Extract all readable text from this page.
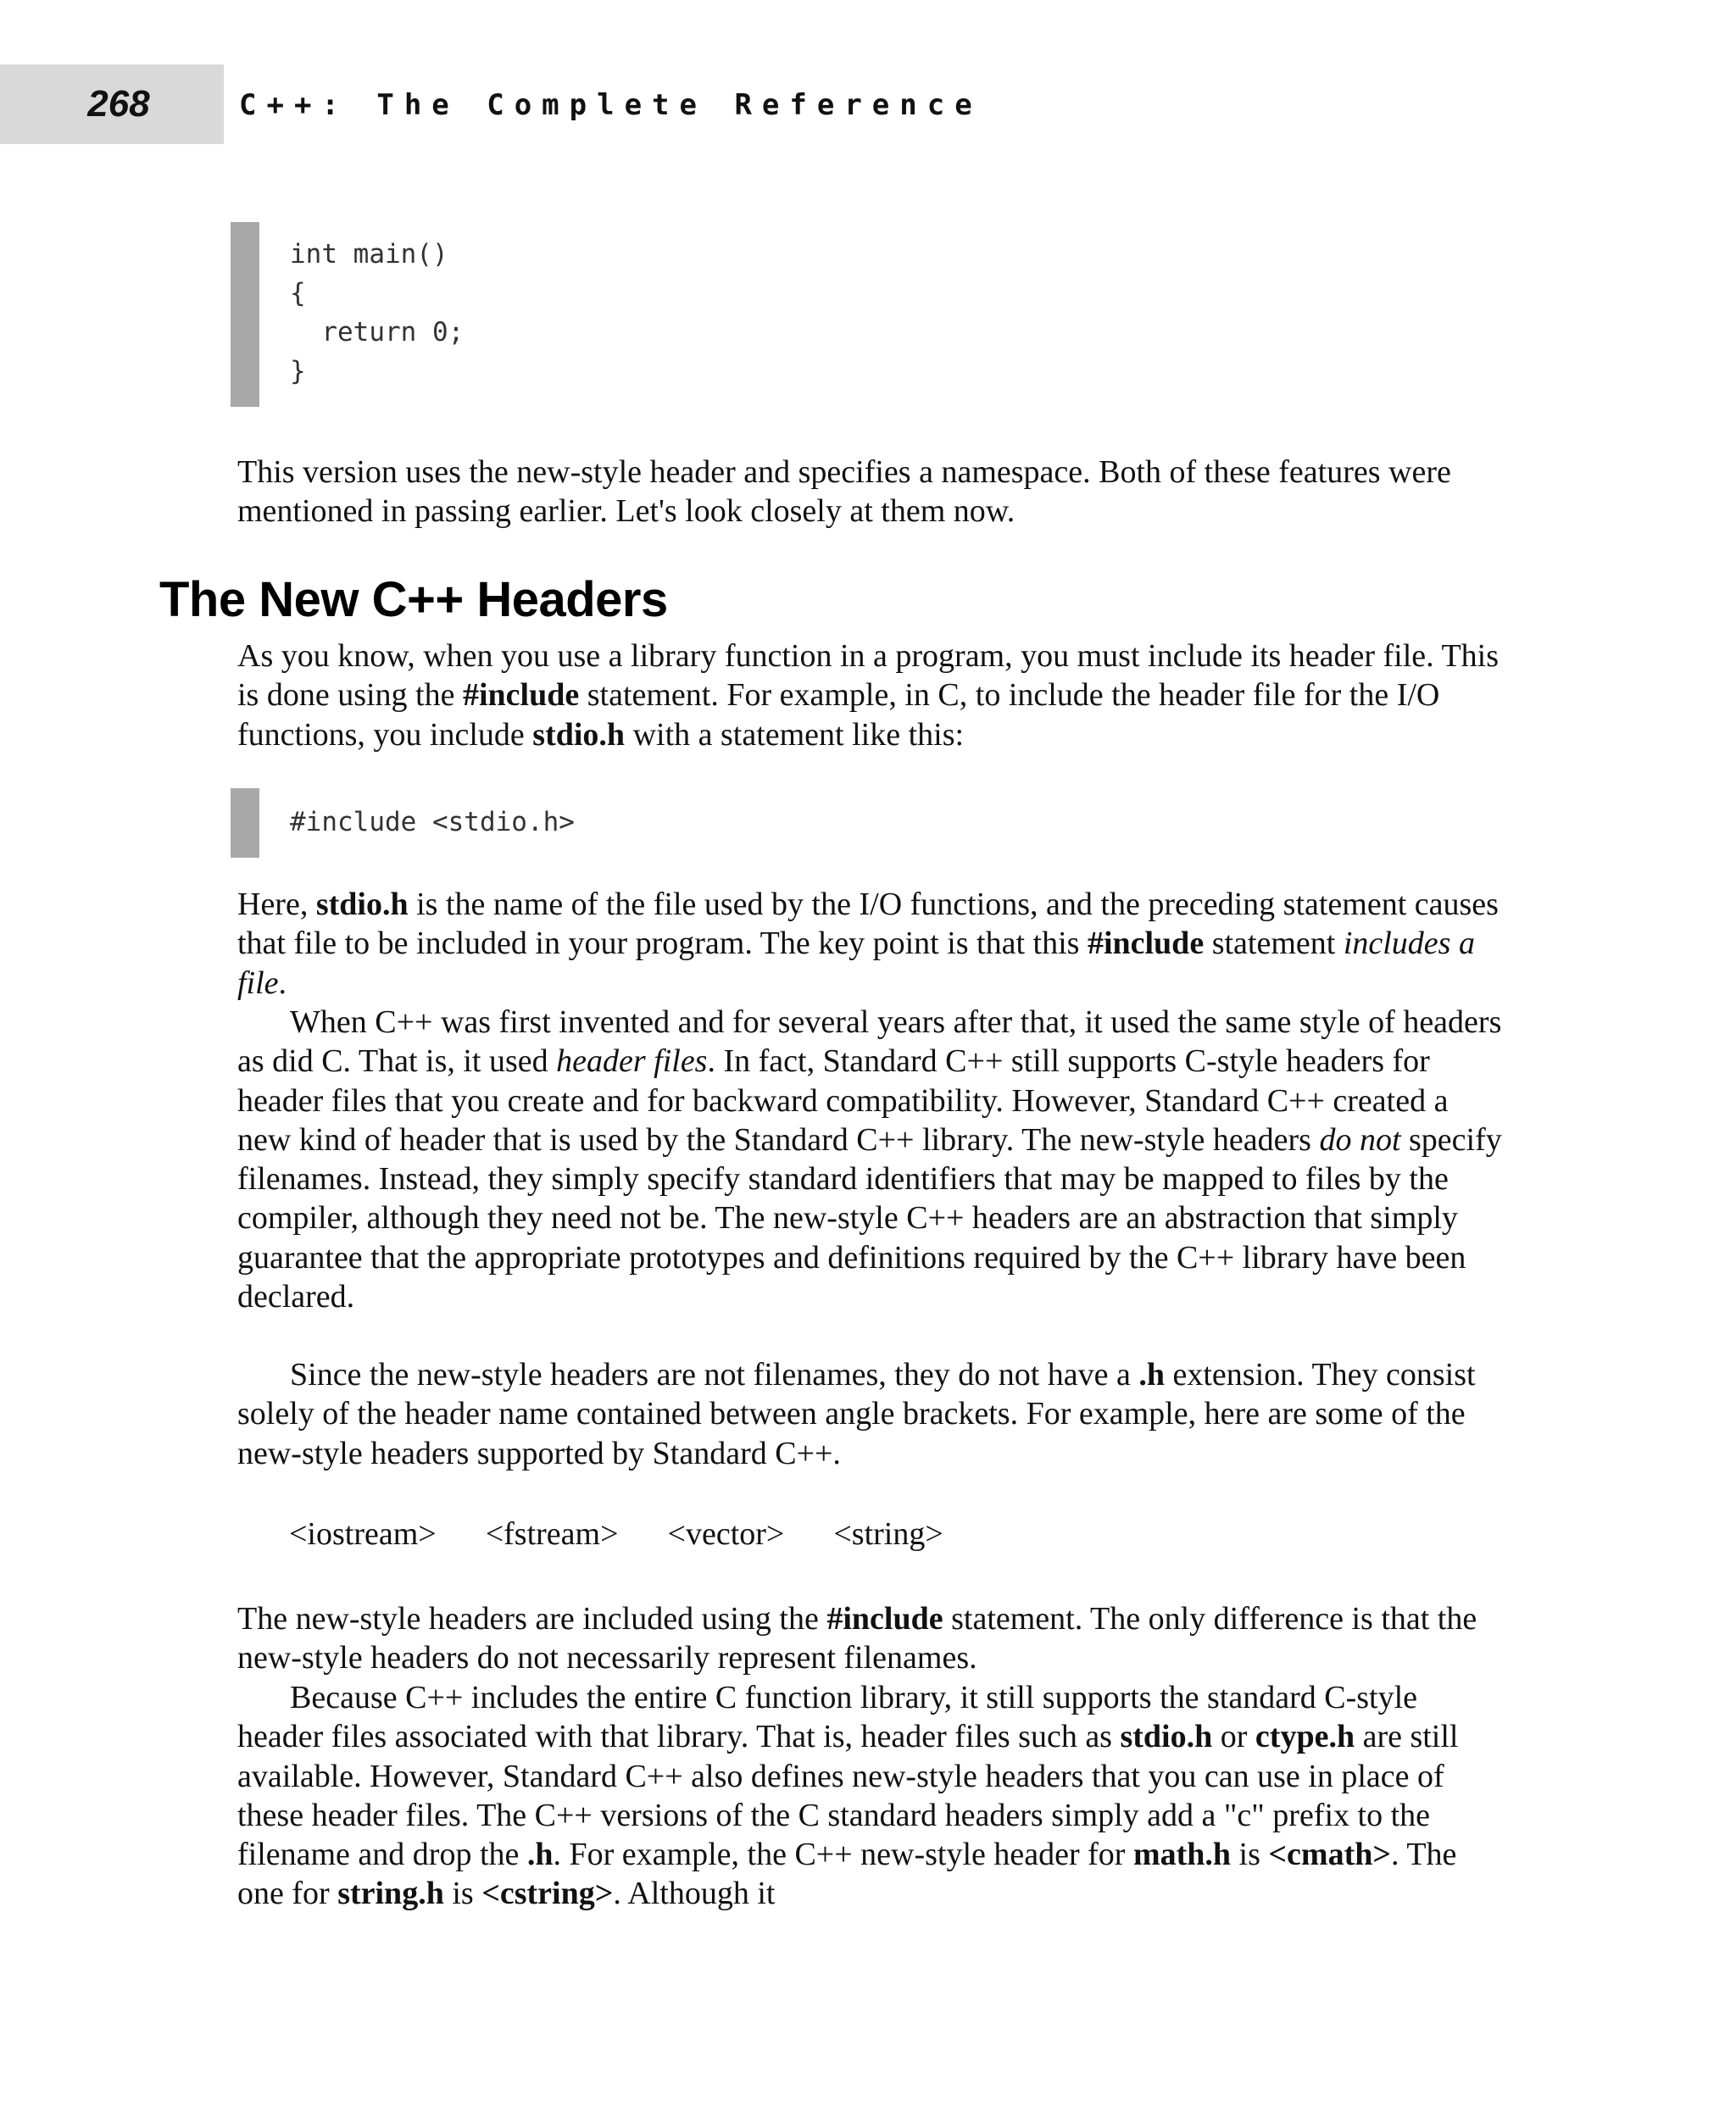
268	C++: The Complete Reference
int main()
{
return 0;
}
This version uses the new-style header and specifies a namespace. Both of these features were mentioned in passing earlier. Let's look closely at them now.
The New C++ Headers
As you know, when you use a library function in a program, you must include its header file. This is done using the #include statement. For example, in C, to include the header file for the I/O functions, you include stdio.h with a statement like this:
#include <stdio.h>
Here, stdio.h is the name of the file used by the I/O functions, and the preceding statement causes that file to be included in your program. The key point is that this #include statement includes a file.
When C++ was first invented and for several years after that, it used the same style of headers as did C. That is, it used header files. In fact, Standard C++ still supports C-style headers for header files that you create and for backward compatibility. However, Standard C++ created a new kind of header that is used by the Standard C++ library. The new-style headers do not specify filenames. Instead, they simply specify standard identifiers that may be mapped to files by the compiler, although they need not be. The new-style C++ headers are an abstraction that simply guarantee that the appropriate prototypes and definitions required by the C++ library have been declared.
Since the new-style headers are not filenames, they do not have a .h extension. They consist solely of the header name contained between angle brackets. For example, here are some of the new-style headers supported by Standard C++.
<iostream> <fstream> <vector> <string>
The new-style headers are included using the #include statement. The only difference is that the new-style headers do not necessarily represent filenames.
Because C++ includes the entire C function library, it still supports the standard C-style header files associated with that library. That is, header files such as stdio.h or ctype.h are still available. However, Standard C++ also defines new-style headers that you can use in place of these header files. The C++ versions of the C standard headers simply add a "c" prefix to the filename and drop the .h. For example, the C++ new-style header for math.h is <cmath>. The one for string.h is <cstring>. Although it
